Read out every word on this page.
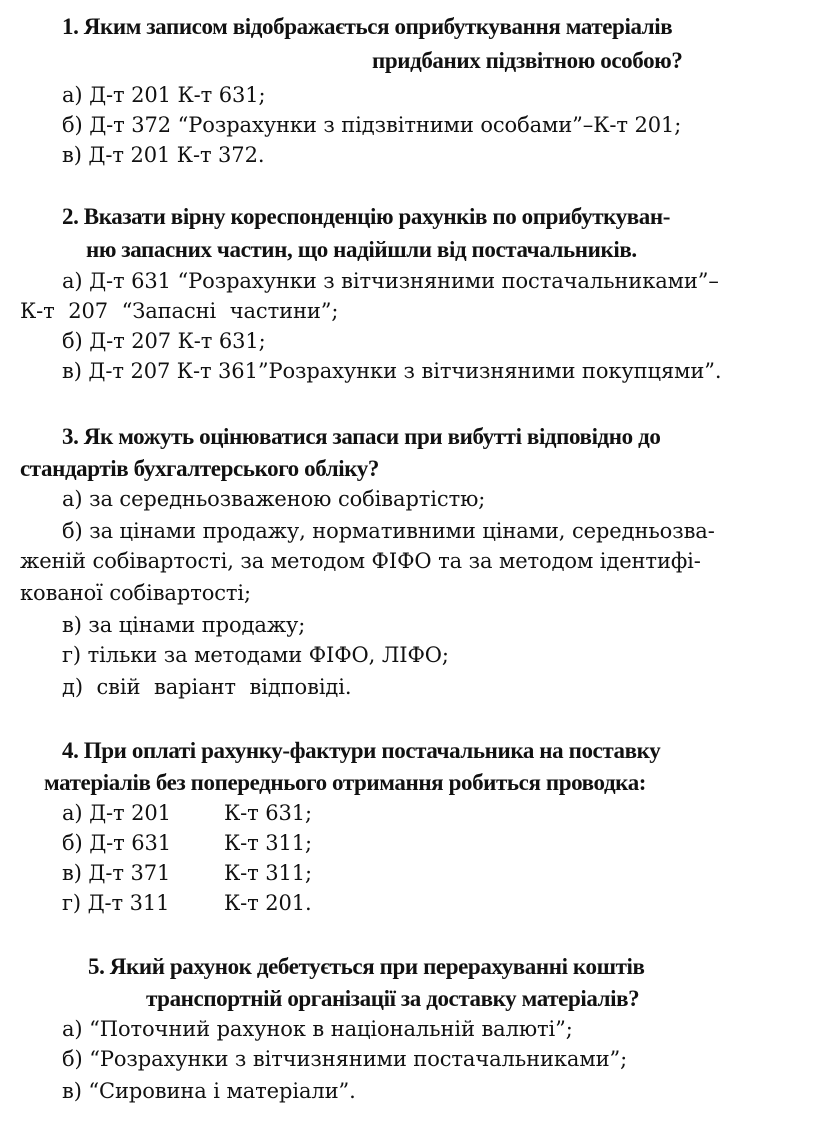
1. Яким записом відображається оприбуткування матеріалів
придбаних підзвітною особою?
а) Д-т 201 К-т 631;
б) Д-т 372 “Розрахунки з підзвітними особами”–К-т 201;
в) Д-т 201 К-т 372.
2. Вказати вірну кореспонденцію рахунків по оприбуткуван-
ню запасних частин, що надійшли від постачальників.
а) Д-т 631 “Розрахунки з вітчизняними постачальниками”–
К-т 207 “Запасні частини”;
б) Д-т 207 К-т 631;
в) Д-т 207 К-т 361”Розрахунки з вітчизняними покупцями”.
3. Як можуть оцінюватися запаси при вибутті відповідно до
стандартів бухгалтерського обліку?
а) за середньозваженою собівартістю;
б) за цінами продажу, нормативними цінами, середньозва-
женій собівартості, за методом ФІФО та за методом ідентифі-
кованої собівартості;
в) за цінами продажу;
г) тільки за методами ФІФО, ЛІФО;
д) свій варіант відповіді.
4. При оплаті рахунку-фактури постачальника на поставку
матеріалів без попереднього отримання робиться проводка:
а) Д-т 201	К-т 631;
б) Д-т 631	К-т 311;
в) Д-т 371	К-т 311;
г) Д-т 311	К-т 201.
5. Який рахунок дебетується при перерахуванні коштів
транспортній організації за доставку матеріалів?
а) “Поточний рахунок в національній валюті”;
б) “Розрахунки з вітчизняними постачальниками”;
в) “Сировина і матеріали”.
